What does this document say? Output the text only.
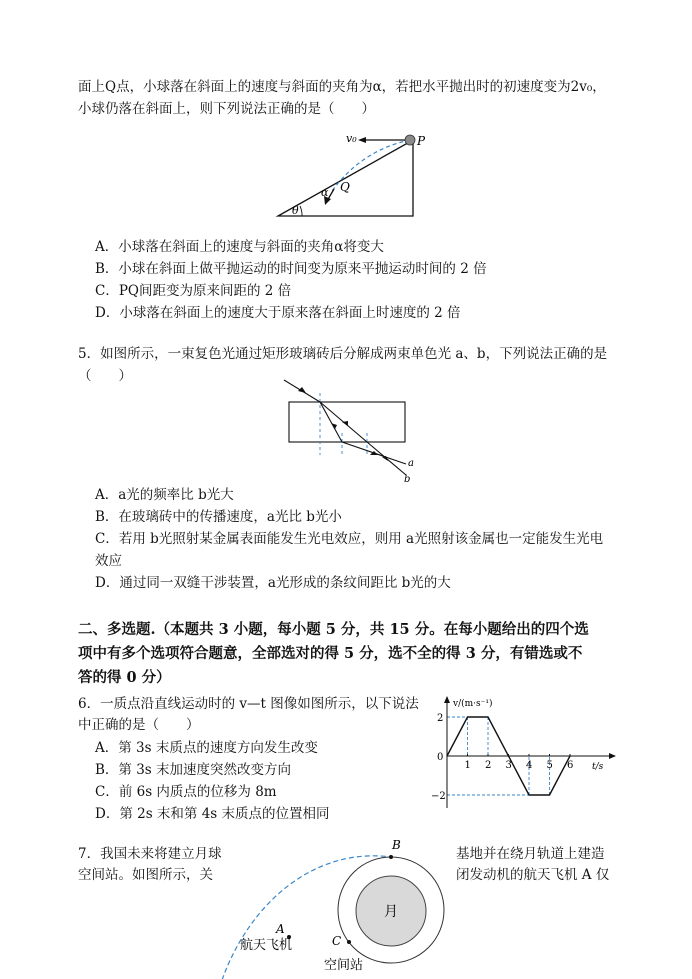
面上Q点，小球落在斜面上的速度与斜面的夹角为α，若把水平抛出时的初速度变为2v₀，
小球仍落在斜面上，则下列说法正确的是（　　）
v₀	P
Q
α
θ
A．小球落在斜面上的速度与斜面的夹角α将变大
B．小球在斜面上做平抛运动的时间变为原来平抛运动时间的 2 倍
C．PQ间距变为原来间距的 2 倍
D．小球落在斜面上的速度大于原来落在斜面上时速度的 2 倍
5．如图所示，一束复色光通过矩形玻璃砖后分解成两束单色光 a、b，下列说法正确的是
（　　）
a
b
A．a光的频率比 b光大
B．在玻璃砖中的传播速度，a光比 b光小
C．若用 b光照射某金属表面能发生光电效应，则用 a光照射该金属也一定能发生光电
效应
D．通过同一双缝干涉装置，a光形成的条纹间距比 b光的大
二、多选题.（本题共 3 小题，每小题 5 分，共 15 分。在每小题给出的四个选
项中有多个选项符合题意，全部选对的得 5 分，选不全的得 3 分，有错选或不
答的得 0 分）
6．一质点沿直线运动时的 v—t 图像如图所示，以下说法
中正确的是（　　）
A．第 3s 末质点的速度方向发生改变
B．第 3s 末加速度突然改变方向
C．前 6s 内质点的位移为 8m
D．第 2s 末和第 4s 末质点的位置相同
1 2 3 4 5 6
2
0
−2
v/(m·s⁻¹)
t/s
7．我国未来将建立月球
空间站。如图所示，关
基地并在绕月轨道上建造
闭发动机的航天飞机 A 仅
月
B
A
C
航天飞机
空间站
